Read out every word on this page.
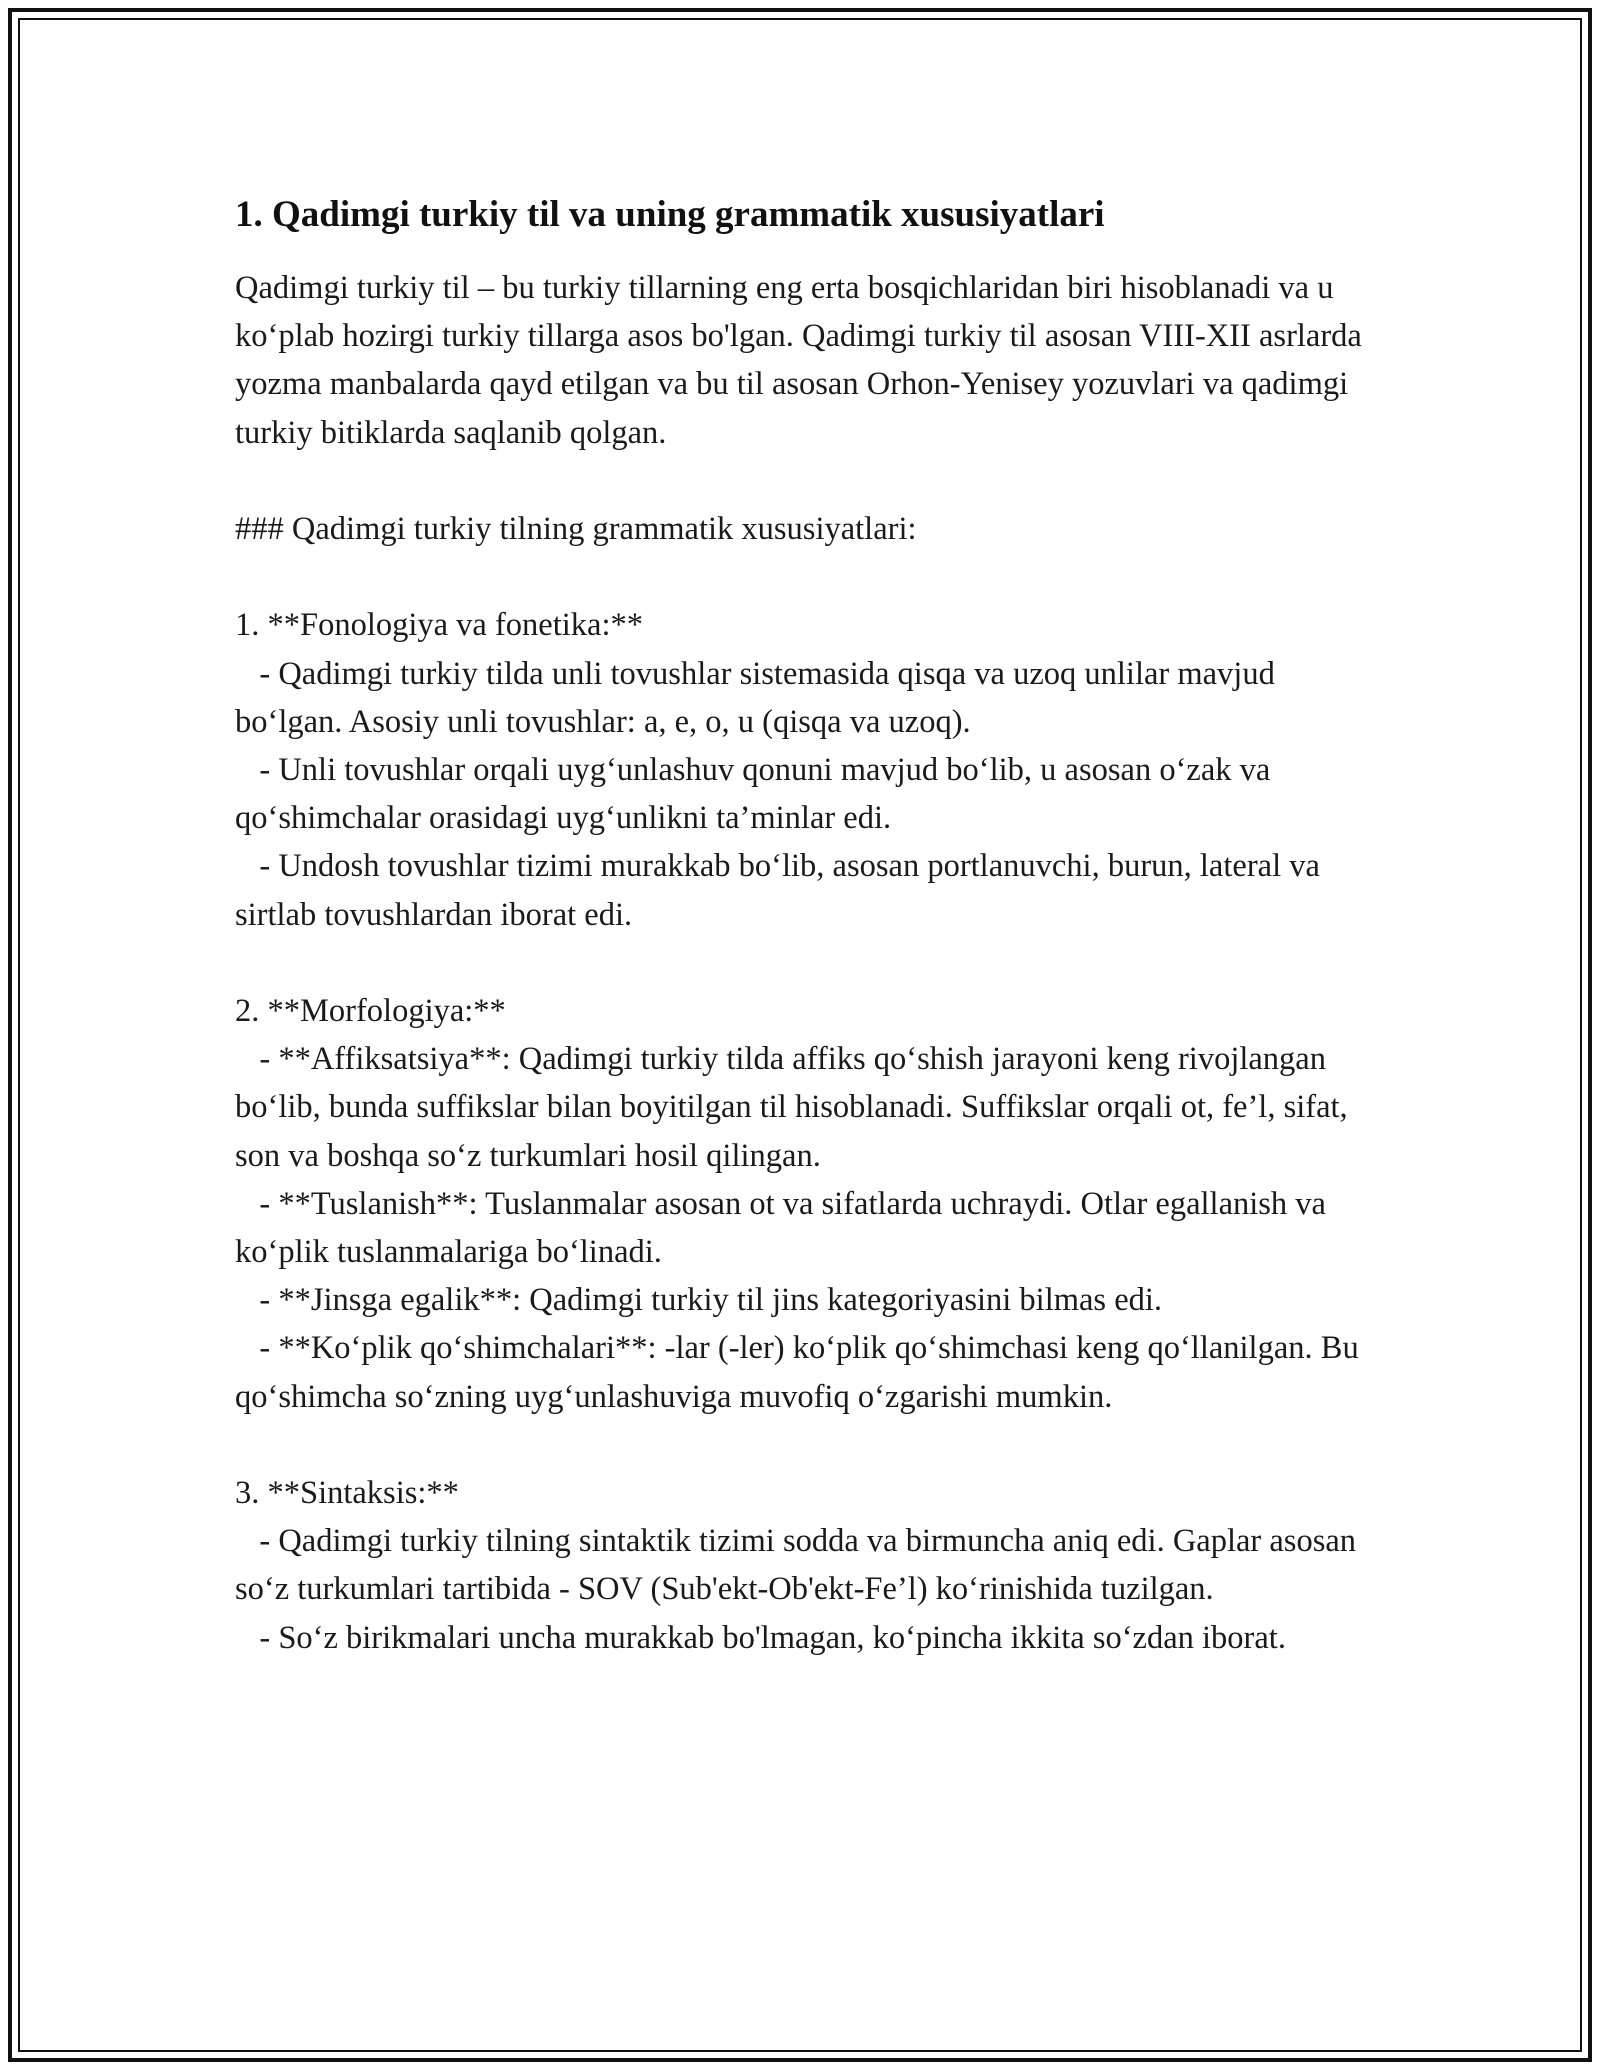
1. Qadimgi turkiy til va uning grammatik xususiyatlari

Qadimgi turkiy til – bu turkiy tillarning eng erta bosqichlaridan biri hisoblanadi va u ko‘plab hozirgi turkiy tillarga asos bo'lgan. Qadimgi turkiy til asosan VIII-XII asrlarda yozma manbalarda qayd etilgan va bu til asosan Orhon-Yenisey yozuvlari va qadimgi turkiy bitiklarda saqlanib qolgan.

### Qadimgi turkiy tilning grammatik xususiyatlari:

1. **Fonologiya va fonetika:**

- Qadimgi turkiy tilda unli tovushlar sistemasida qisqa va uzoq unlilar mavjud bo‘lgan. Asosiy unli tovushlar: a, e, o, u (qisqa va uzoq).

- Unli tovushlar orqali uyg‘unlashuv qonuni mavjud bo‘lib, u asosan o‘zak va qo‘shimchalar orasidagi uyg‘unlikni ta’minlar edi.

- Undosh tovushlar tizimi murakkab bo‘lib, asosan portlanuvchi, burun, lateral va sirtlab tovushlardan iborat edi.

2. **Morfologiya:**

- **Affiksatsiya**: Qadimgi turkiy tilda affiks qo‘shish jarayoni keng rivojlangan bo‘lib, bunda suffikslar bilan boyitilgan til hisoblanadi. Suffikslar orqali ot, fe’l, sifat, son va boshqa so‘z turkumlari hosil qilingan.

- **Tuslanish**: Tuslanmalar asosan ot va sifatlarda uchraydi. Otlar egallanish va ko‘plik tuslanmalariga bo‘linadi.

- **Jinsga egalik**: Qadimgi turkiy til jins kategoriyasini bilmas edi.

- **Ko‘plik qo‘shimchalari**: -lar (-ler) ko‘plik qo‘shimchasi keng qo‘llanilgan. Bu qo‘shimcha so‘zning uyg‘unlashuviga muvofiq o‘zgarishi mumkin.

3. **Sintaksis:**

- Qadimgi turkiy tilning sintaktik tizimi sodda va birmuncha aniq edi. Gaplar asosan so‘z turkumlari tartibida - SOV (Sub'ekt-Ob'ekt-Fe’l) ko‘rinishida tuzilgan.

- So‘z birikmalari uncha murakkab bo'lmagan, ko‘pincha ikkita so‘zdan iborat.
